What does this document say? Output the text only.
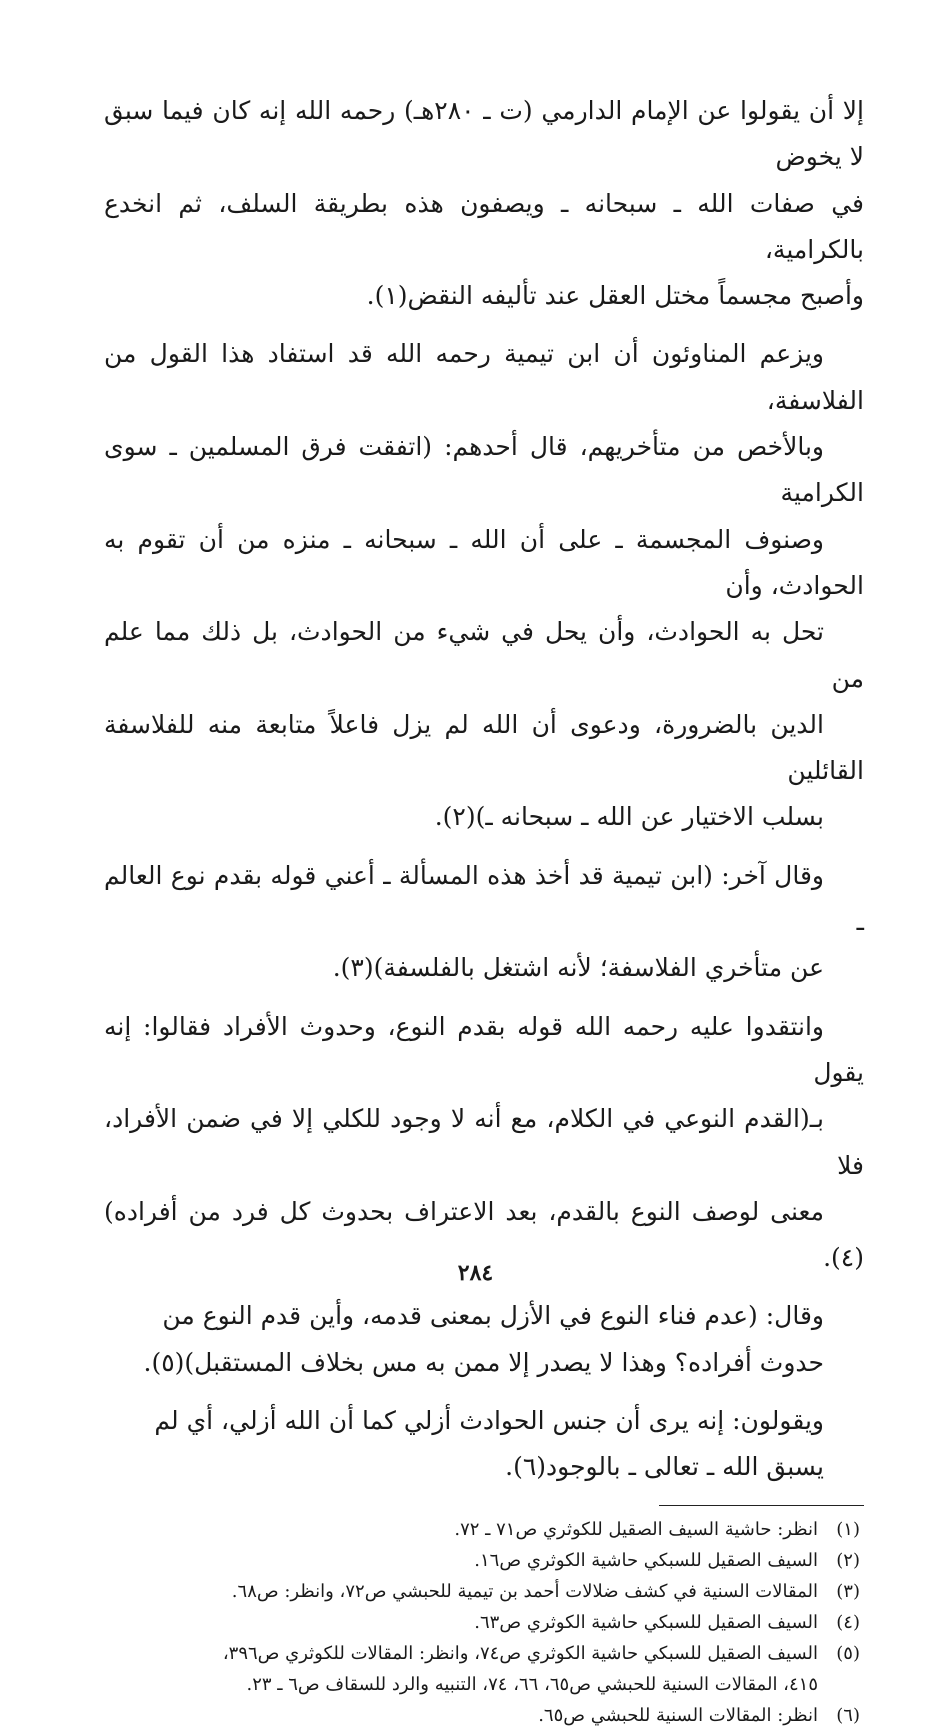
إلا أن يقولوا عن الإمام الدارمي (ت ـ ٢٨٠هـ) رحمه الله إنه كان فيما سبق لا يخوض
في صفات الله ـ سبحانه ـ ويصفون هذه بطريقة السلف، ثم انخدع بالكرامية،
وأصبح مجسماً مختل العقل عند تأليفه النقض(١).

ويزعم المناوئون أن ابن تيمية رحمه الله قد استفاد هذا القول من الفلاسفة،
وبالأخص من متأخريهم، قال أحدهم: (اتفقت فرق المسلمين ـ سوى الكرامية
وصنوف المجسمة ـ على أن الله ـ سبحانه ـ منزه من أن تقوم به الحوادث، وأن
تحل به الحوادث، وأن يحل في شيء من الحوادث، بل ذلك مما علم من
الدين بالضرورة، ودعوى أن الله لم يزل فاعلاً متابعة منه للفلاسفة القائلين
بسلب الاختيار عن الله ـ سبحانه ـ)(٢).

وقال آخر: (ابن تيمية قد أخذ هذه المسألة ـ أعني قوله بقدم نوع العالم ـ
عن متأخري الفلاسفة؛ لأنه اشتغل بالفلسفة)(٣).

وانتقدوا عليه رحمه الله قوله بقدم النوع، وحدوث الأفراد فقالوا: إنه يقول
بـ(القدم النوعي في الكلام، مع أنه لا وجود للكلي إلا في ضمن الأفراد، فلا
معنى لوصف النوع بالقدم، بعد الاعتراف بحدوث كل فرد من أفراده)(٤).

وقال: (عدم فناء النوع في الأزل بمعنى قدمه، وأين قدم النوع من
حدوث أفراده؟ وهذا لا يصدر إلا ممن به مس بخلاف المستقبل)(٥).

ويقولون: إنه يرى أن جنس الحوادث أزلي كما أن الله أزلي، أي لم
يسبق الله ـ تعالى ـ بالوجود(٦).

(١)
انظر: حاشية السيف الصقيل للكوثري ص٧١ ـ ٧٢.
(٢)
السيف الصقيل للسبكي حاشية الكوثري ص١٦.
(٣)
المقالات السنية في كشف ضلالات أحمد بن تيمية للحبشي ص٧٢، وانظر: ص٦٨.
(٤)
السيف الصقيل للسبكي حاشية الكوثري ص٦٣.
(٥)
السيف الصقيل للسبكي حاشية الكوثري ص٧٤، وانظر: المقالات للكوثري ص٣٩٦،
٤١٥، المقالات السنية للحبشي ص٦٥، ٦٦، ٧٤، التنبيه والرد للسقاف ص٦ ـ ٢٣.
(٦)
انظر: المقالات السنية للحبشي ص٦٥.
٢٨٤
